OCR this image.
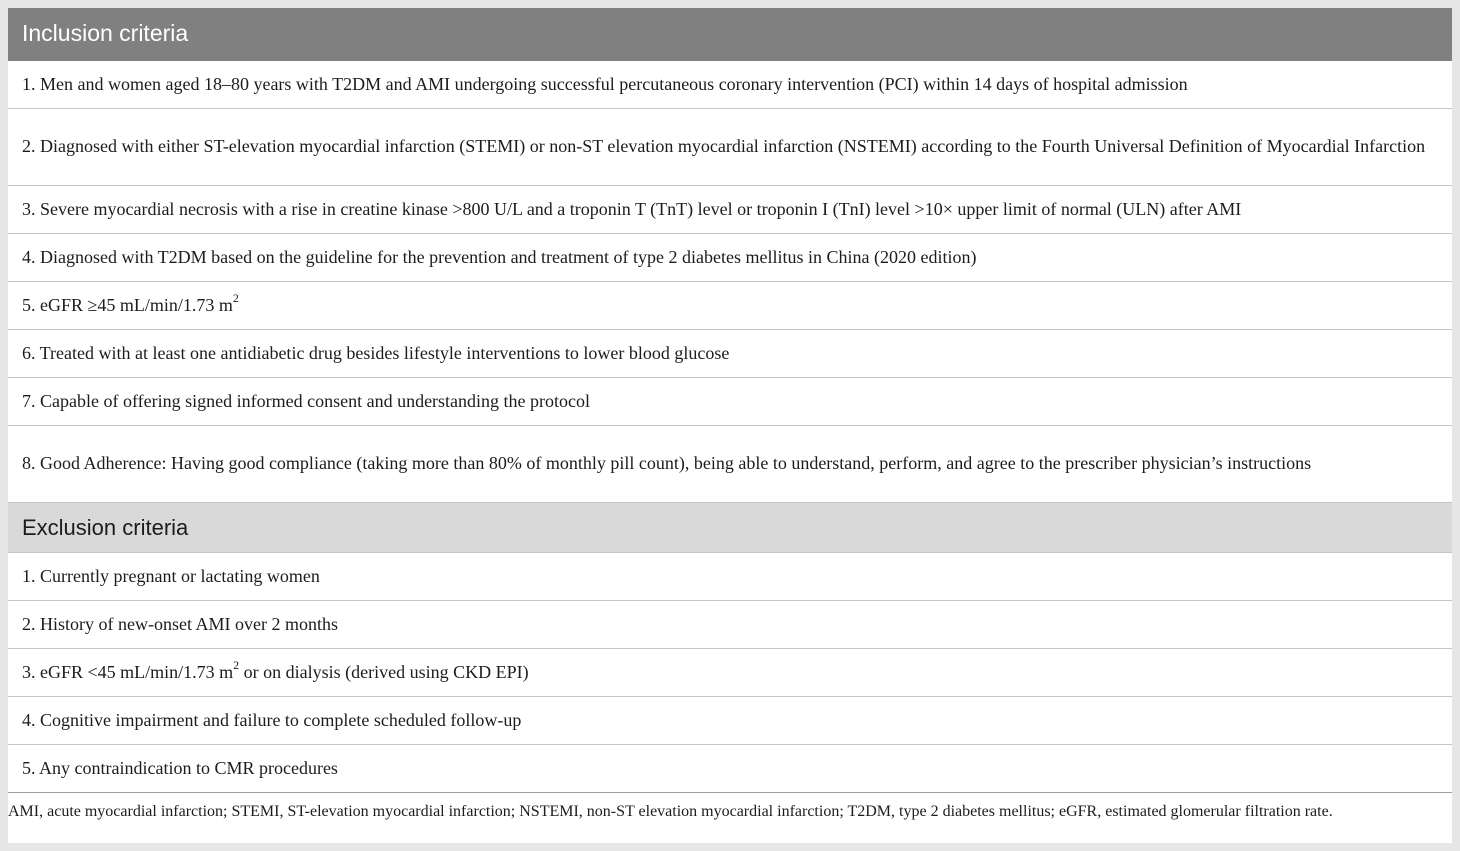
Inclusion criteria
1. Men and women aged 18–80 years with T2DM and AMI undergoing successful percutaneous coronary intervention (PCI) within 14 days of hospital admission
2. Diagnosed with either ST-elevation myocardial infarction (STEMI) or non-ST elevation myocardial infarction (NSTEMI) according to the Fourth Universal Definition of Myocardial Infarction
3. Severe myocardial necrosis with a rise in creatine kinase >800 U/L and a troponin T (TnT) level or troponin I (TnI) level >10× upper limit of normal (ULN) after AMI
4. Diagnosed with T2DM based on the guideline for the prevention and treatment of type 2 diabetes mellitus in China (2020 edition)
5. eGFR ≥45 mL/min/1.73 $m^2$
6. Treated with at least one antidiabetic drug besides lifestyle interventions to lower blood glucose
7. Capable of offering signed informed consent and understanding the protocol
8. Good Adherence: Having good compliance (taking more than 80% of monthly pill count), being able to understand, perform, and agree to the prescriber physician’s instructions
Exclusion criteria
1. Currently pregnant or lactating women
2. History of new-onset AMI over 2 months
3. eGFR <45 mL/min/1.73 $m^2$ or on dialysis (derived using CKD EPI)
4. Cognitive impairment and failure to complete scheduled follow-up
5. Any contraindication to CMR procedures
AMI, acute myocardial infarction; STEMI, ST-elevation myocardial infarction; NSTEMI, non-ST elevation myocardial infarction; T2DM, type 2 diabetes mellitus; eGFR, estimated glomerular filtration rate.
